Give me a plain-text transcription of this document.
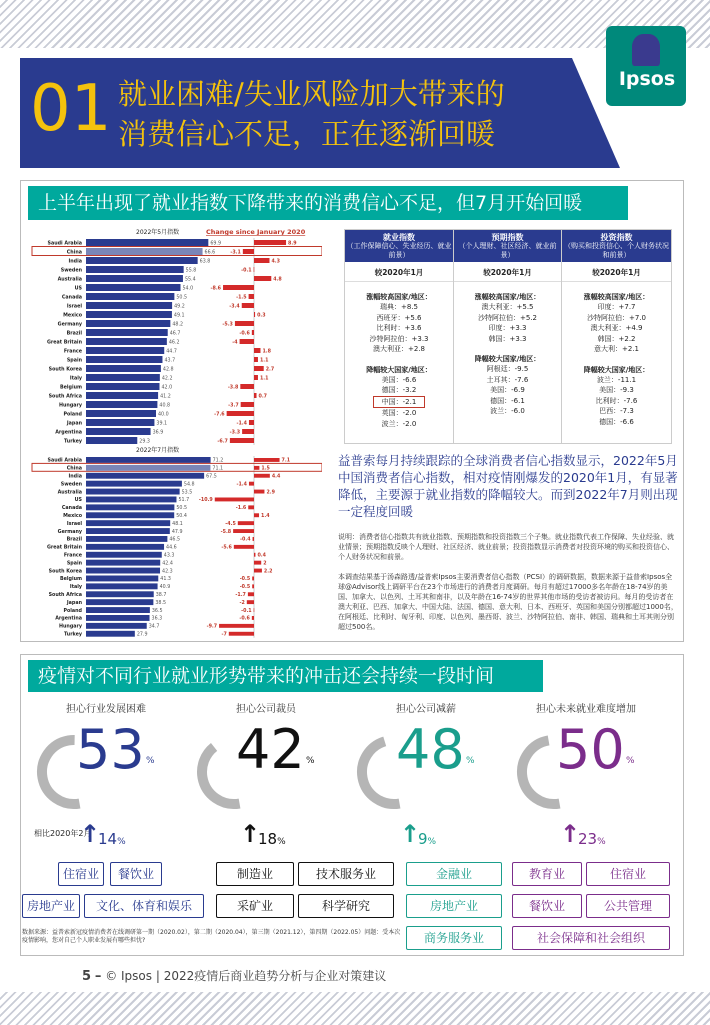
01 就业困难/失业风险加大带来的
消费信心不足，正在逐渐回暖
Ipsos
上半年出现了就业指数下降带来的消费信心不足，但7月开始回暖
2022年5月指数	Change since January 2020
Saudi Arabia	69.9	8.9
China	66.6	-3.1
India	63.8	4.3
Sweden	55.8	-0.1
Australia	55.4	4.8
US	54.0	-8.6
Canada	50.5	-1.5
Israel	49.2	-3.4
Mexico	49.1	0.3
Germany	48.2	-5.3
Brazil	46.7	-0.6
Great Britain	46.2	-4
France	44.7	1.8
Spain	43.7	1.1
South Korea	42.8	2.7
Italy	42.2	1.1
Belgium	42.0	-3.8
South Africa	41.2	0.7
Hungary	40.8	-3.7
Poland	40.0	-7.6
Japan	39.1	-1.4
Argentina	36.9	-3.3
Turkey	29.3	-6.7
2022年7月指数
Saudi Arabia	71.2	7.1
China	71.1	1.5
India	67.5	4.4
Sweden	54.8	-1.4
Australia	53.5	2.9
US	51.7 -10.9
Canada	50.5	-1.6
Mexico	50.4	1.4
Israel	48.1	-4.5
Germany	47.9	-5.8
Brazil	46.5	-0.4
Great Britain	44.6	-5.6
France	43.3	0.4
Spain	42.4	2
South Korea	42.3	2.2
Belgium	41.3	-0.5
Italy	40.9	-0.5
South Africa	38.7	-1.7
Japan	38.5	-2
Poland	36.5	-0.1
Argentina	36.3	-0.6
Hungary	34.7	-9.7
Turkey	27.9	-7
就业指数
（工作保障信心、失业经历、就业前景）
较2020年1月
涨幅较高国家/地区：
瑞典：+8.5
西班牙：+5.6
比利时：+3.6
沙特阿拉伯：+3.3
澳大利亚：+2.8
降幅较大国家/地区：
美国：-6.6
德国：-3.2
中国：-2.1
英国：-2.0
波兰：-2.0
预期指数
（个人理财、社区经济、就业前景）
较2020年1月
涨幅较高国家/地区：
澳大利亚：+5.5
沙特阿拉伯：+5.2
印度：+3.3
韩国：+3.3
降幅较大国家/地区：
阿根廷：-9.5
土耳其：-7.6
美国：-6.9
德国：-6.1
波兰：-6.0
投资指数
（购买和投资信心、个人财务状况和前景）
较2020年1月
涨幅较高国家/地区：
印度：+7.7
沙特阿拉伯：+7.0
澳大利亚：+4.9
韩国：+2.2
意大利：+2.1
降幅较大国家/地区：
波兰：-11.1
美国：-9.3
比利时：-7.6
巴西：-7.3
德国：-6.6
益普索每月持续跟踪的全球消费者信心指数显示，2022年5月中国消费者信心指数，相对疫情刚爆发的2020年1月，有显著降低，主要源于就业指数的降幅较大。而到2022年7月则出现一定程度回暖
说明：消费者信心指数共有就业指数、预期指数和投资指数三个子集。就业指数代表工作保障、失业经验、就业情景；预期指数反映个人理财、社区经济、就业前景；投资指数显示消费者对投资环境的购买和投资信心、个人财务状况和前景。
本调查结果基于汤森路透/益普索Ipsos主要消费者信心指数（PCSI）的调研数据，数据来源于益普索Ipsos全球@Advisor线上调研平台在23个市场进行的消费者月度调研。每月有超过17000多名年龄在18-74岁的美国、加拿大、以色列、土耳其和南非，以及年龄在16-74岁的世界其他市场的受访者被访问。每月的受访者在澳大利亚、巴西、加拿大、中国大陆、法国、德国、意大利、日本、西班牙、英国和美国分别都超过1000名，在阿根廷、比利时、匈牙利、印度、以色列、墨西哥、波兰、沙特阿拉伯、南非、韩国、瑞典和土耳其则分别超过500名。
疫情对不同行业就业形势带来的冲击还会持续一段时间
相比2020年2月
担心行业发展困难
53 %
↑
14%
担心公司裁员
42 %
↑
18%
担心公司减薪
48 %
↑
9%
担心未来就业难度增加
50 %
↑
23%
数据来源：益普索新冠疫情消费者在线调研第一期（2020.02），第二期（2020.04），第三期（2021.12），第四期（2022.05）问题：受本次疫情影响，您对自己个人职业发展有哪些担忧?
5 – © Ipsos | 2022疫情后商业趋势分析与企业对策建议
住宿业	餐饮业
房地产业	文化、体育和娱乐
制造业	技术服务业
采矿业	科学研究
金融业
房地产业
商务服务业
教育业	住宿业
餐饮业	公共管理
社会保障和社会组织
